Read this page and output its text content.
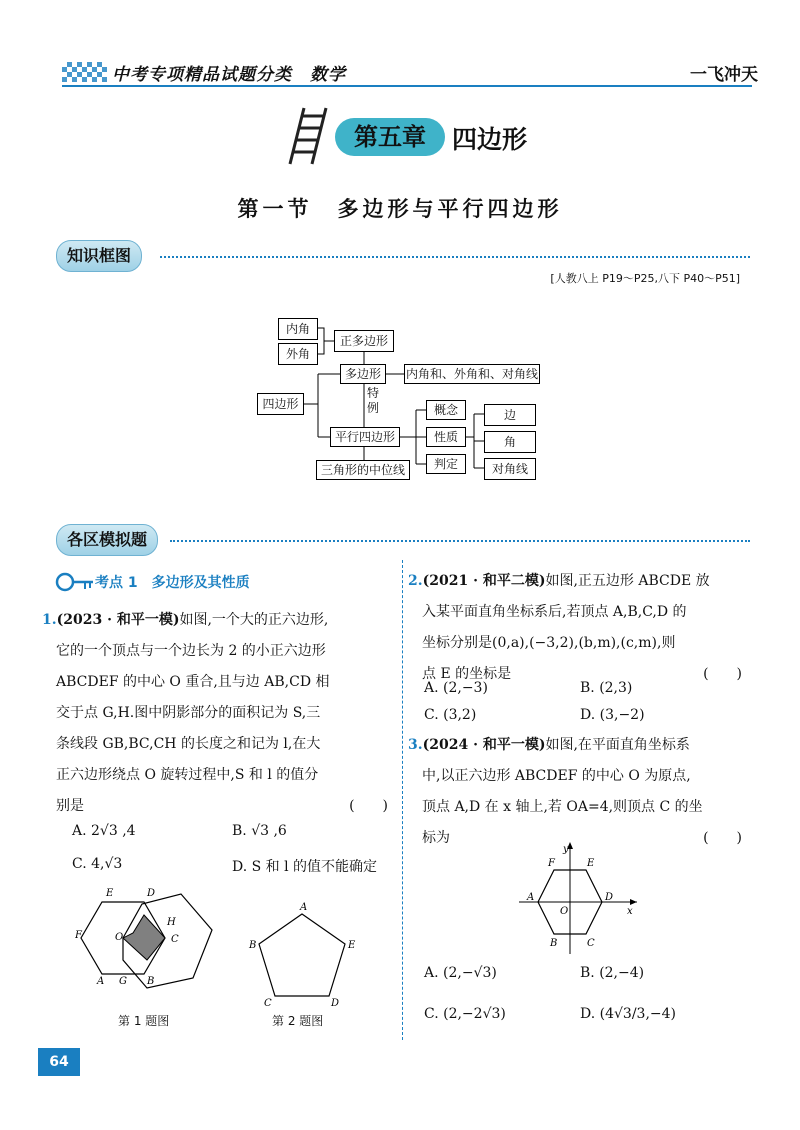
中考专项精品试题分类　数学	一飞冲天
第五章	四边形
第一节　多边形与平行四边形
知识框图
[人教八上 P19～P25,八下 P40～P51]
内角
外角
正多边形
多边形	内角和、外角和、对角线
四边形
特例
平行四边形
概念
性质
判定
边
角
对角线
三角形的中位线
各区模拟题
考点 1　多边形及其性质
1.(2023 · 和平一模)如图,一个大的正六边形,
它的一个顶点与一个边长为 2 的小正六边形
ABCDEF 的中心 O 重合,且与边 AB,CD 相
交于点 G,H.图中阴影部分的面积记为 S,三
条线段 GB,BC,CH 的长度之和记为 l,在大
正六边形绕点 O 旋转过程中,S 和 l 的值分
别是	(　　)
A. 2√3 ,4	B. √3 ,6
C. 4,√3	D. S 和 l 的值不能确定
E	D
F	O
H
C
A G B
第 1 题图
A
B	E
C	D
第 2 题图
2.(2021 · 和平二模)如图,正五边形 ABCDE 放
入某平面直角坐标系后,若顶点 A,B,C,D 的
坐标分别是(0,a),(−3,2),(b,m),(c,m),则
点 E 的坐标是	(　　)
A. (2,−3)	B. (2,3)
C. (3,2)	D. (3,−2)
3.(2024 · 和平一模)如图,在平面直角坐标系
中,以正六边形 ABCDEF 的中心 O 为原点,
顶点 A,D 在 x 轴上,若 OA=4,则顶点 C 的坐
标为	(　　)
y
F	E
A	D
x
O
B	C
A. (2,−√3)	B. (2,−4)
C. (2,−2√3)	D. (4√3/3,−4)
64
